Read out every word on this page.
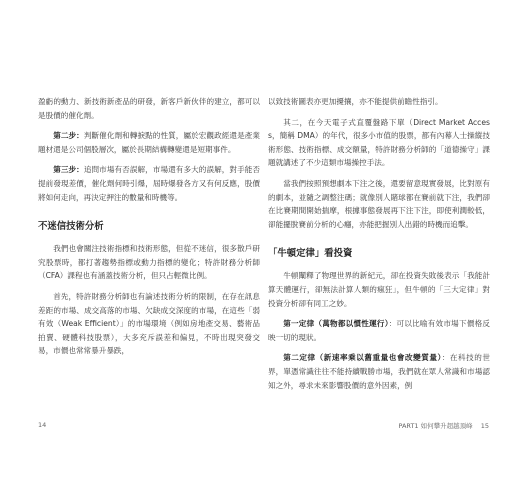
盈虧的動力、新技術新產品的研發，新客戶新伙伴的建立，都可以是股價的催化劑。

第二步：判斷催化劑和轉捩點的性質，屬於宏觀政經還是產業題材還是公司個股層次，屬於長期結構轉變還是短期事件。

第三步：追問市場有否誤解，市場還有多大的誤解，對手能否提前發現差價，催化劑何時引爆，屆時爆發各方又有何反應，股價將如何走向，再決定押注的數量和時機等。

不迷信技術分析

我們也會關注技術指標和技術形態，但從不迷信，很多散戶研究股票時，都打著趨勢指標或動力指標的變化；特許財務分析師（CFA）課程也有涵蓋技術分析，但只占輕微比例。

首先，特許財務分析師也有論述技術分析的限制，在存在訊息差距的市場、成交高落的市場、欠缺成交深度的市場，在這些「弱有效（Weak Efficient）」的市場環境（例如房地產交易、藝術品拍賣、硬體科技股票），大多充斥誤差和偏見，不時出現突發交易，市價也常常暴升暴跌，

14

以致技術圖表亦更加擾攘，亦不能提供前瞻性指引。

其二，在今天電子式直覆盤路下單（Direct Market Access，簡稱 DMA）的年代，很多小市值的股票，都有內幕人士操縱技術形態、技術指標、成交額量，特許財務分析師的「道德操守」課題就講述了不少這類市場操控手法。

當我們按照預想劇本下注之後，還要留意現實發展，比對原有的劇本，並隨之調整注碼；就像別人賭球都在賽前就下注，我們卻在比賽期間開始揣摩，根據事態發展再下注下注，即使利潤較低，卻能擺脫賽前分析的心癮，亦能把握別人出錯的時機而追擊。

「牛頓定律」看投資

牛頓闡釋了物理世界的新紀元，卻在投資失敗後表示「我能計算天體運行，卻無法計算人類的瘋狂」，但牛頓的「三大定律」對投資分析卻有同工之妙。

第一定律（萬物都以慣性運行）：可以比喻有效市場下價格反映一切的現狀。

第二定律（新速率乘以舊重量也會改變質量）：在科技的世界，單憑常識往往不能持續戰勝市場，我們就在眾人常識和市場認知之外，尋求未來影響股價的意外因素，例

PART1 如何攀升超越頂峰 15
